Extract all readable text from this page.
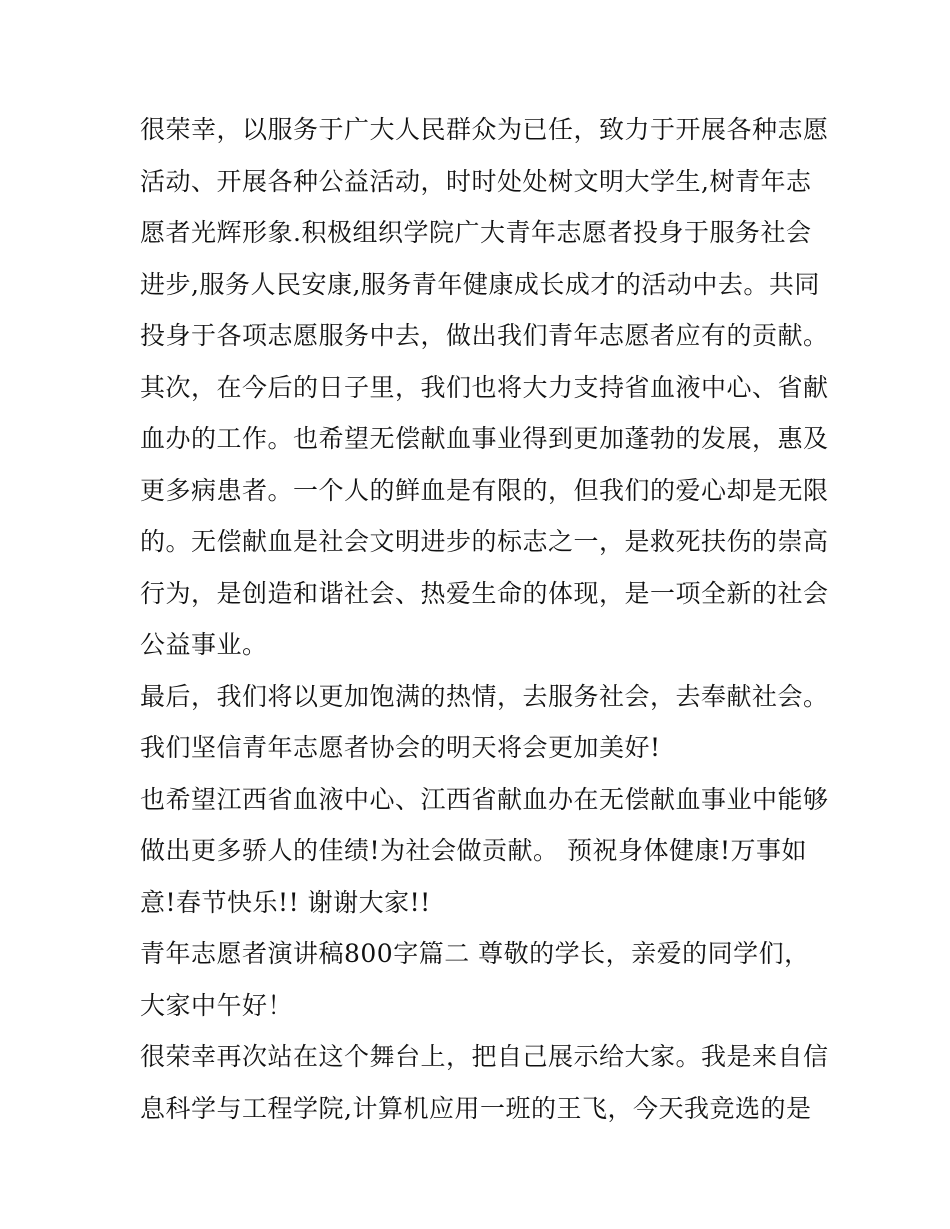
很荣幸，以服务于广大人民群众为已任，致力于开展各种志愿
活动、开展各种公益活动，时时处处树文明大学生,树青年志
愿者光辉形象.积极组织学院广大青年志愿者投身于服务社会
进步,服务人民安康,服务青年健康成长成才的活动中去。共同
投身于各项志愿服务中去，做出我们青年志愿者应有的贡献。
其次，在今后的日子里，我们也将大力支持省血液中心、省献
血办的工作。也希望无偿献血事业得到更加蓬勃的发展，惠及
更多病患者。一个人的鲜血是有限的，但我们的爱心却是无限
的。无偿献血是社会文明进步的标志之一，是救死扶伤的崇高
行为，是创造和谐社会、热爱生命的体现，是一项全新的社会
公益事业。
最后，我们将以更加饱满的热情，去服务社会，去奉献社会。
我们坚信青年志愿者协会的明天将会更加美好!
也希望江西省血液中心、江西省献血办在无偿献血事业中能够
做出更多骄人的佳绩!为社会做贡献。 预祝身体健康!万事如
意!春节快乐!! 谢谢大家!!
青年志愿者演讲稿800字篇二 尊敬的学长，亲爱的同学们，
大家中午好！
很荣幸再次站在这个舞台上，把自己展示给大家。我是来自信
息科学与工程学院,计算机应用一班的王飞，今天我竞选的是
